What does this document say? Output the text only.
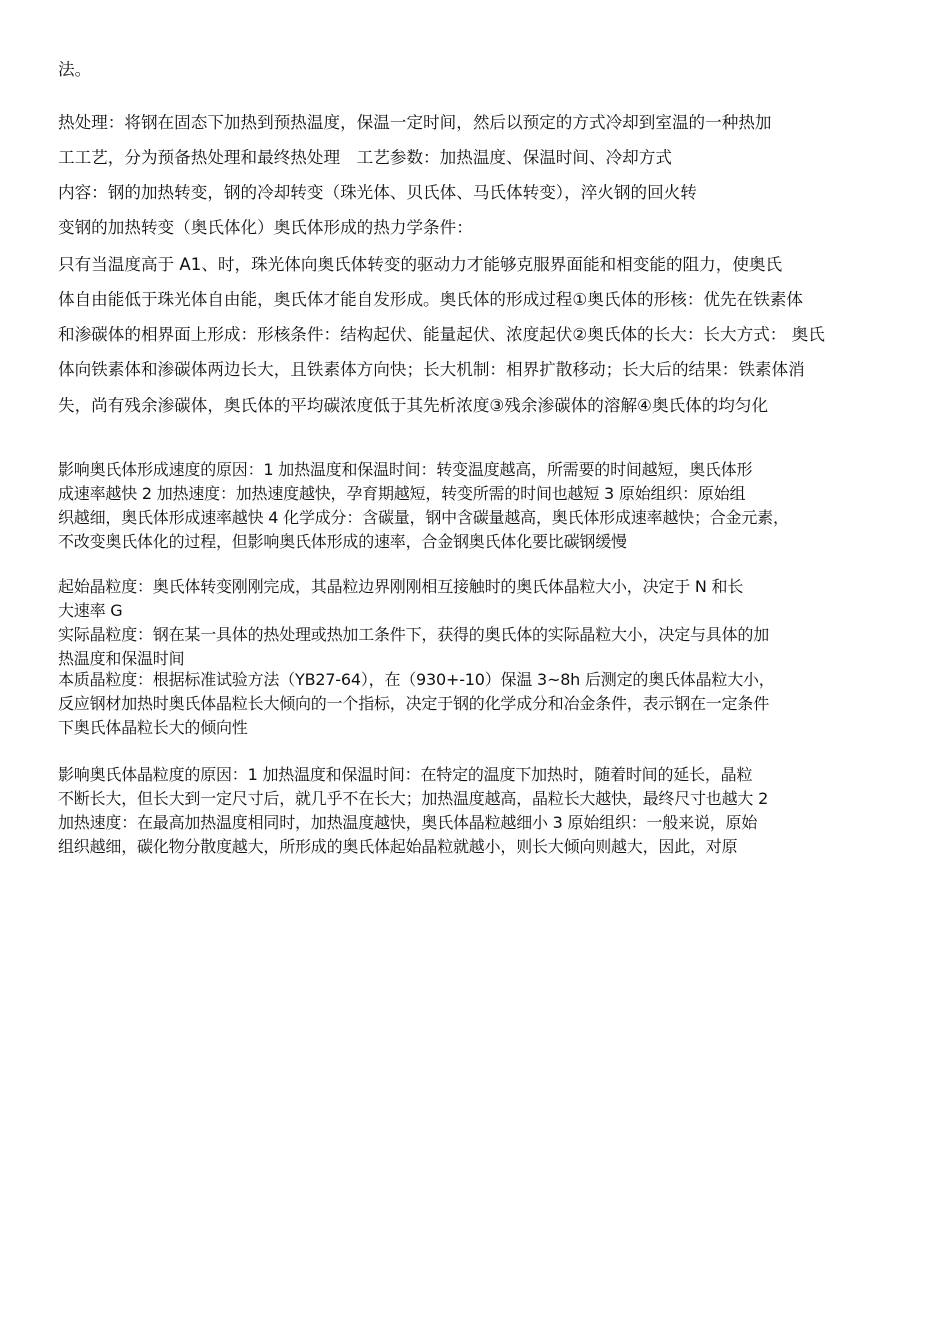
法。
热处理：将钢在固态下加热到预热温度，保温一定时间，然后以预定的方式冷却到室温的一种热加
工工艺，分为预备热处理和最终热处理　工艺参数：加热温度、保温时间、冷却方式
内容：钢的加热转变，钢的冷却转变（珠光体、贝氏体、马氏体转变），淬火钢的回火转
变钢的加热转变（奥氏体化）奥氏体形成的热力学条件：
只有当温度高于 A1、时，珠光体向奥氏体转变的驱动力才能够克服界面能和相变能的阻力，使奥氏
体自由能低于珠光体自由能，奥氏体才能自发形成。奥氏体的形成过程①奥氏体的形核：优先在铁素体
和渗碳体的相界面上形成：形核条件：结构起伏、能量起伏、浓度起伏②奥氏体的长大：长大方式： 奥氏
体向铁素体和渗碳体两边长大，且铁素体方向快；长大机制：相界扩散移动；长大后的结果：铁素体消
失，尚有残余渗碳体，奥氏体的平均碳浓度低于其先析浓度③残余渗碳体的溶解④奥氏体的均匀化
影响奥氏体形成速度的原因：1 加热温度和保温时间：转变温度越高，所需要的时间越短，奥氏体形
成速率越快 2 加热速度：加热速度越快，孕育期越短，转变所需的时间也越短 3 原始组织：原始组
织越细，奥氏体形成速率越快 4 化学成分：含碳量，钢中含碳量越高，奥氏体形成速率越快；合金元素，
不改变奥氏体化的过程，但影响奥氏体形成的速率，合金钢奥氏体化要比碳钢缓慢
起始晶粒度：奥氏体转变刚刚完成，其晶粒边界刚刚相互接触时的奥氏体晶粒大小，决定于 N 和长
大速率 G
实际晶粒度：钢在某一具体的热处理或热加工条件下，获得的奥氏体的实际晶粒大小，决定与具体的加
热温度和保温时间
本质晶粒度：根据标准试验方法（YB27-64），在（930+-10）保温 3~8h 后测定的奥氏体晶粒大小，
反应钢材加热时奥氏体晶粒长大倾向的一个指标，决定于钢的化学成分和冶金条件，表示钢在一定条件
下奥氏体晶粒长大的倾向性
影响奥氏体晶粒度的原因：1 加热温度和保温时间：在特定的温度下加热时，随着时间的延长，晶粒
不断长大，但长大到一定尺寸后，就几乎不在长大；加热温度越高，晶粒长大越快，最终尺寸也越大 2
加热速度：在最高加热温度相同时，加热温度越快，奥氏体晶粒越细小 3 原始组织：一般来说，原始
组织越细，碳化物分散度越大，所形成的奥氏体起始晶粒就越小，则长大倾向则越大，因此，对原
